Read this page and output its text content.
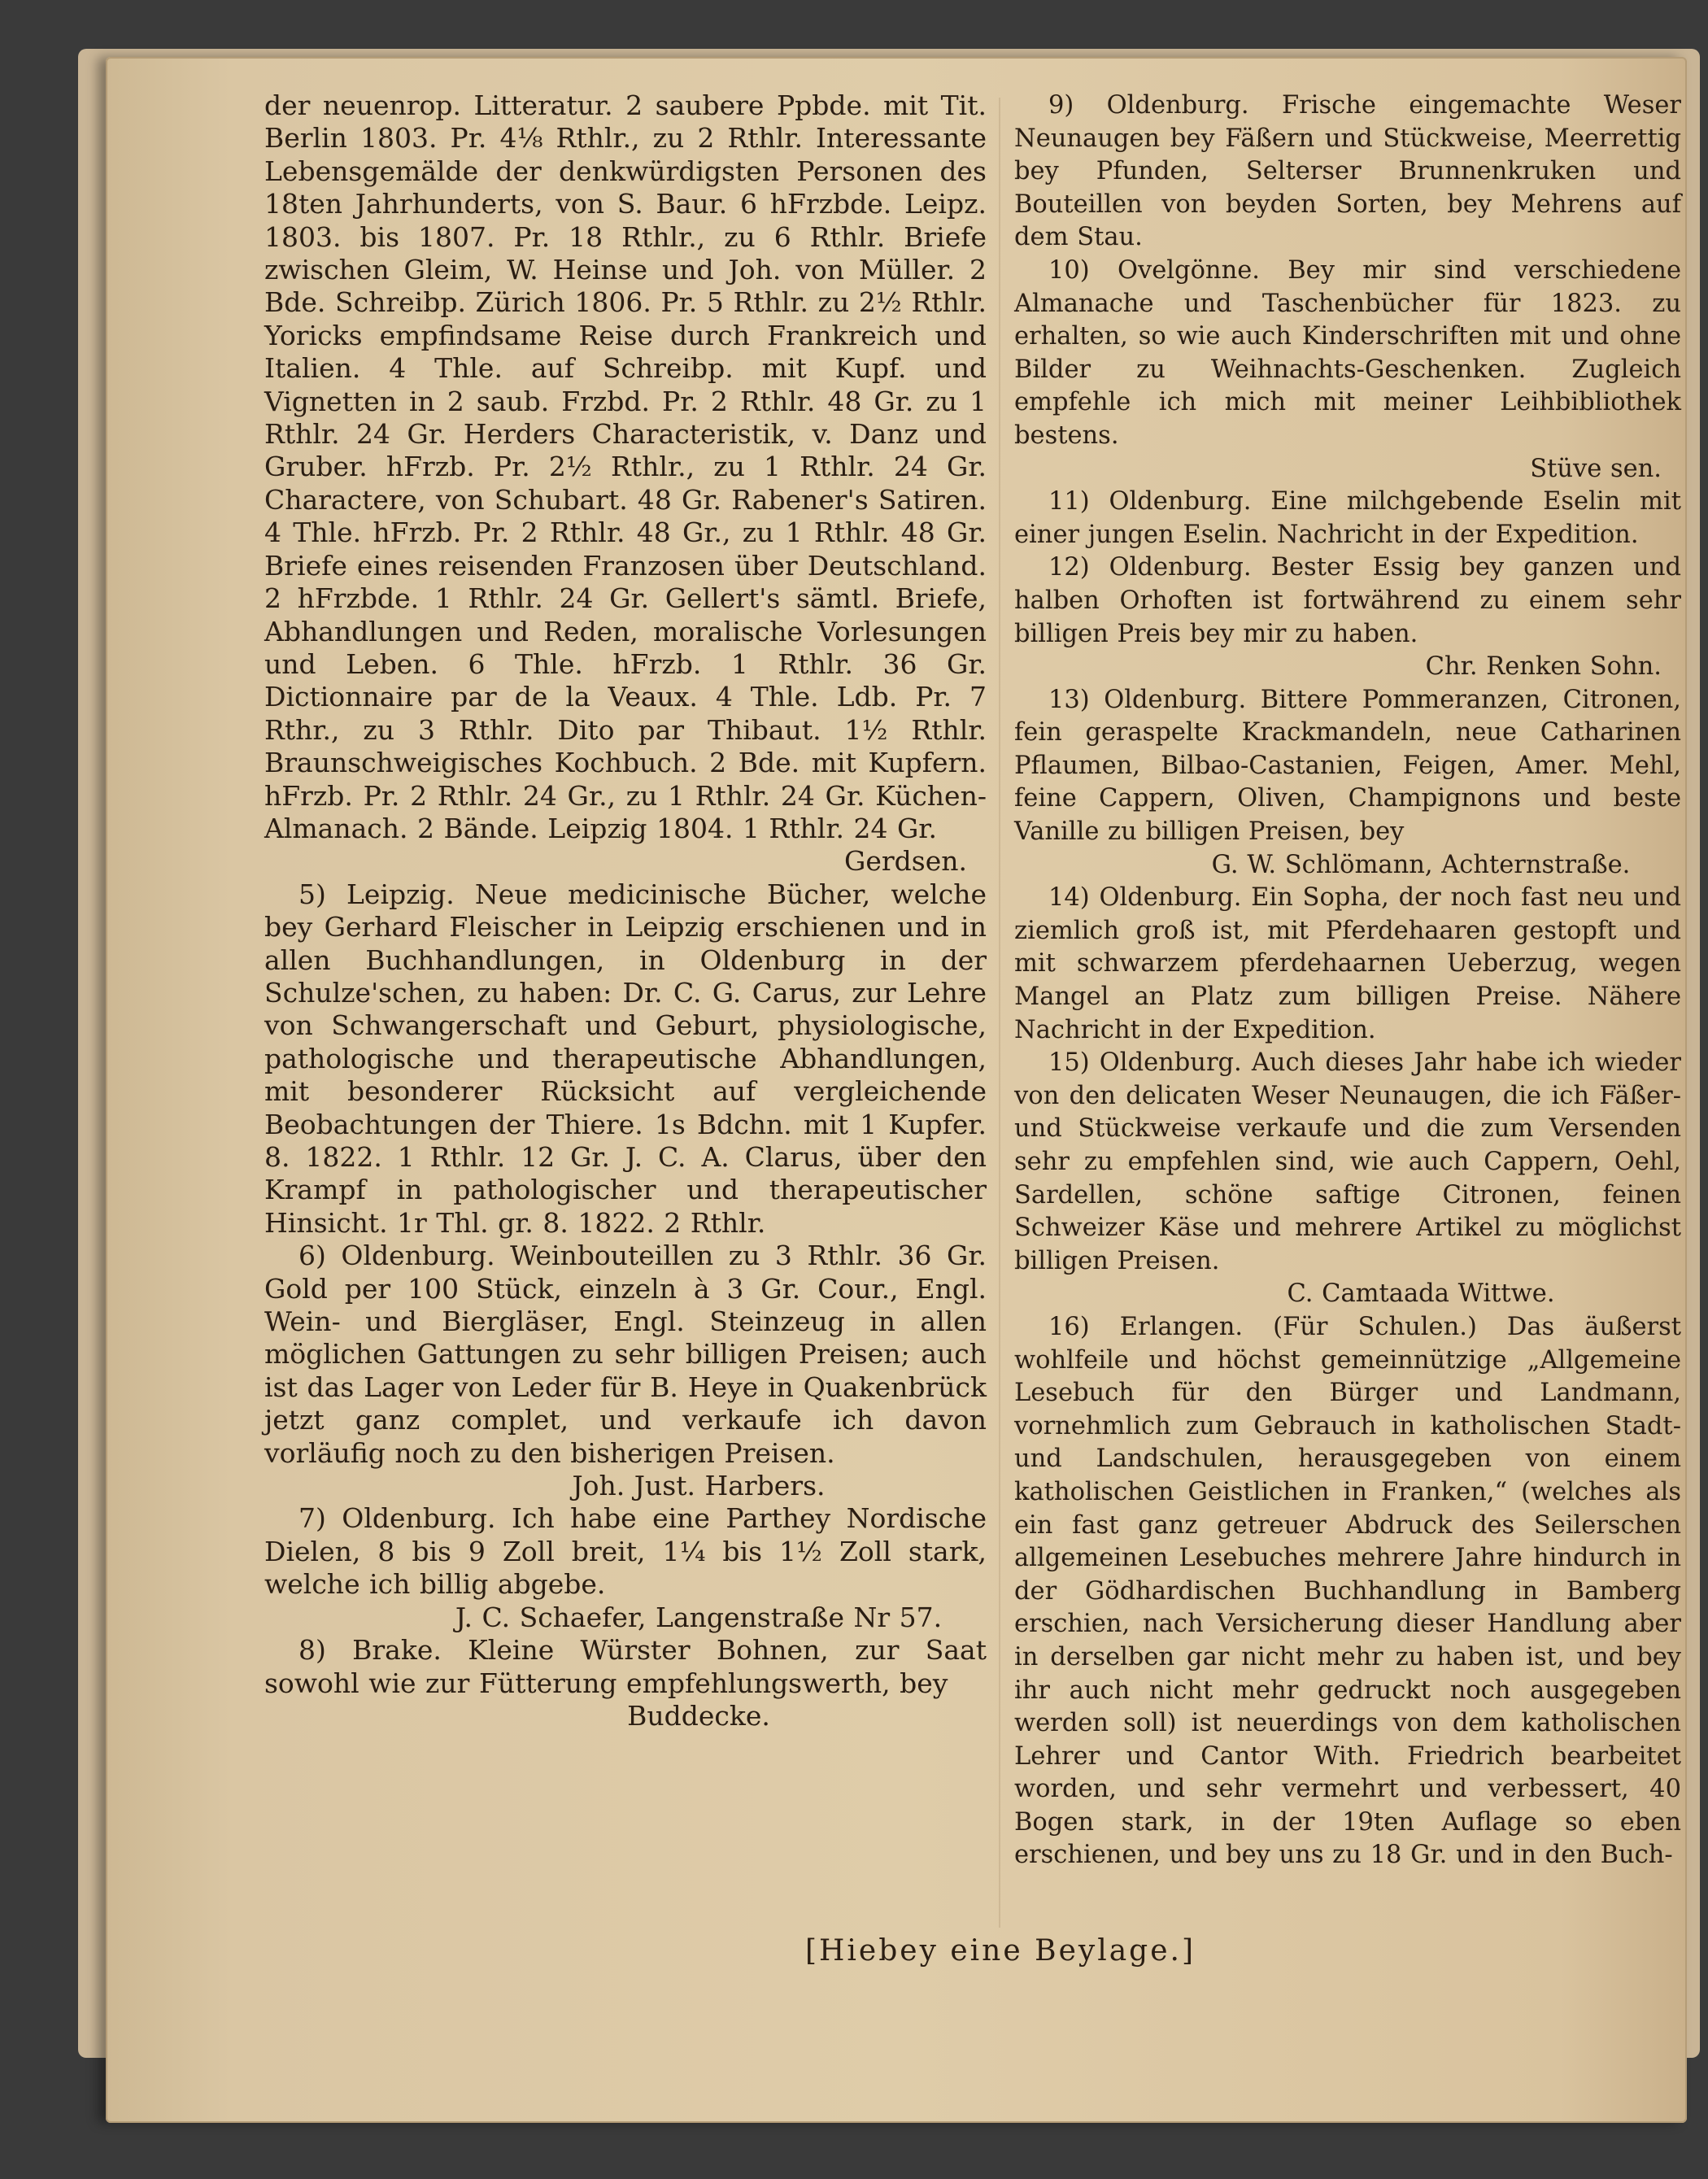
der neuenrop. Litteratur. 2 saubere Ppbde. mit Tit. Berlin 1803. Pr. 4⅛ Rthlr., zu 2 Rthlr. Interessante Lebensgemälde der denkwürdigsten Personen des 18ten Jahrhunderts, von S. Baur. 6 hFrzbde. Leipz. 1803. bis 1807. Pr. 18 Rthlr., zu 6 Rthlr. Briefe zwischen Gleim, W. Heinse und Joh. von Müller. 2 Bde. Schreibp. Zürich 1806. Pr. 5 Rthlr. zu 2½ Rthlr. Yoricks empfindsame Reise durch Frankreich und Italien. 4 Thle. auf Schreibp. mit Kupf. und Vignetten in 2 saub. Frzbd. Pr. 2 Rthlr. 48 Gr. zu 1 Rthlr. 24 Gr. Herders Characteristik, v. Danz und Gruber. hFrzb. Pr. 2½ Rthlr., zu 1 Rthlr. 24 Gr. Charactere, von Schubart. 48 Gr. Rabener's Satiren. 4 Thle. hFrzb. Pr. 2 Rthlr. 48 Gr., zu 1 Rthlr. 48 Gr. Briefe eines reisenden Franzosen über Deutschland. 2 hFrzbde. 1 Rthlr. 24 Gr. Gellert's sämtl. Briefe, Abhandlungen und Reden, moralische Vorlesungen und Leben. 6 Thle. hFrzb. 1 Rthlr. 36 Gr. Dictionnaire par de la Veaux. 4 Thle. Ldb. Pr. 7 Rthr., zu 3 Rthlr. Dito par Thibaut. 1½ Rthlr. Braunschweigisches Kochbuch. 2 Bde. mit Kupfern. hFrzb. Pr. 2 Rthlr. 24 Gr., zu 1 Rthlr. 24 Gr. Küchen-Almanach. 2 Bände. Leipzig 1804. 1 Rthlr. 24 Gr.

Gerdsen.

5) Leipzig. Neue medicinische Bücher, welche bey Gerhard Fleischer in Leipzig erschienen und in allen Buchhandlungen, in Oldenburg in der Schulze'schen, zu haben: Dr. C. G. Carus, zur Lehre von Schwangerschaft und Geburt, physiologische, pathologische und therapeutische Abhandlungen, mit besonderer Rücksicht auf vergleichende Beobachtungen der Thiere. 1s Bdchn. mit 1 Kupfer. 8. 1822. 1 Rthlr. 12 Gr. J. C. A. Clarus, über den Krampf in pathologischer und therapeutischer Hinsicht. 1r Thl. gr. 8. 1822. 2 Rthlr.

6) Oldenburg. Weinbouteillen zu 3 Rthlr. 36 Gr. Gold per 100 Stück, einzeln à 3 Gr. Cour., Engl. Wein- und Biergläser, Engl. Steinzeug in allen möglichen Gattungen zu sehr billigen Preisen; auch ist das Lager von Leder für B. Heye in Quakenbrück jetzt ganz complet, und verkaufe ich davon vorläufig noch zu den bisherigen Preisen.

Joh. Just. Harbers.

7) Oldenburg. Ich habe eine Parthey Nordische Dielen, 8 bis 9 Zoll breit, 1¼ bis 1½ Zoll stark, welche ich billig abgebe.

J. C. Schaefer, Langenstraße Nr 57.

8) Brake. Kleine Würster Bohnen, zur Saat sowohl wie zur Fütterung empfehlungswerth, bey

Buddecke.

9) Oldenburg. Frische eingemachte Weser Neunaugen bey Fäßern und Stückweise, Meerrettig bey Pfunden, Selterser Brunnenkruken und Bouteillen von beyden Sorten, bey Mehrens auf dem Stau.

10) Ovelgönne. Bey mir sind verschiedene Almanache und Taschenbücher für 1823. zu erhalten, so wie auch Kinderschriften mit und ohne Bilder zu Weihnachts-Geschenken. Zugleich empfehle ich mich mit meiner Leihbibliothek bestens.

Stüve sen.

11) Oldenburg. Eine milchgebende Eselin mit einer jungen Eselin. Nachricht in der Expedition.

12) Oldenburg. Bester Essig bey ganzen und halben Orhoften ist fortwährend zu einem sehr billigen Preis bey mir zu haben.

Chr. Renken Sohn.

13) Oldenburg. Bittere Pommeranzen, Citronen, fein geraspelte Krackmandeln, neue Catharinen Pflaumen, Bilbao-Castanien, Feigen, Amer. Mehl, feine Cappern, Oliven, Champignons und beste Vanille zu billigen Preisen, bey

G. W. Schlömann, Achternstraße.

14) Oldenburg. Ein Sopha, der noch fast neu und ziemlich groß ist, mit Pferdehaaren gestopft und mit schwarzem pferdehaarnen Ueberzug, wegen Mangel an Platz zum billigen Preise. Nähere Nachricht in der Expedition.

15) Oldenburg. Auch dieses Jahr habe ich wieder von den delicaten Weser Neunaugen, die ich Fäßer- und Stückweise verkaufe und die zum Versenden sehr zu empfehlen sind, wie auch Cappern, Oehl, Sardellen, schöne saftige Citronen, feinen Schweizer Käse und mehrere Artikel zu möglichst billigen Preisen.

C. Camtaada Wittwe.

16) Erlangen. (Für Schulen.) Das äußerst wohlfeile und höchst gemeinnützige „Allgemeine Lesebuch für den Bürger und Landmann, vornehmlich zum Gebrauch in katholischen Stadt- und Landschulen, herausgegeben von einem katholischen Geistlichen in Franken,“ (welches als ein fast ganz getreuer Abdruck des Seilerschen allgemeinen Lesebuches mehrere Jahre hindurch in der Gödhardischen Buchhandlung in Bamberg erschien, nach Versicherung dieser Handlung aber in derselben gar nicht mehr zu haben ist, und bey ihr auch nicht mehr gedruckt noch ausgegeben werden soll) ist neuerdings von dem katholischen Lehrer und Cantor With. Friedrich bearbeitet worden, und sehr vermehrt und verbessert, 40 Bogen stark, in der 19ten Auflage so eben erschienen, und bey uns zu 18 Gr. und in den Buch-

[Hiebey eine Beylage.]
